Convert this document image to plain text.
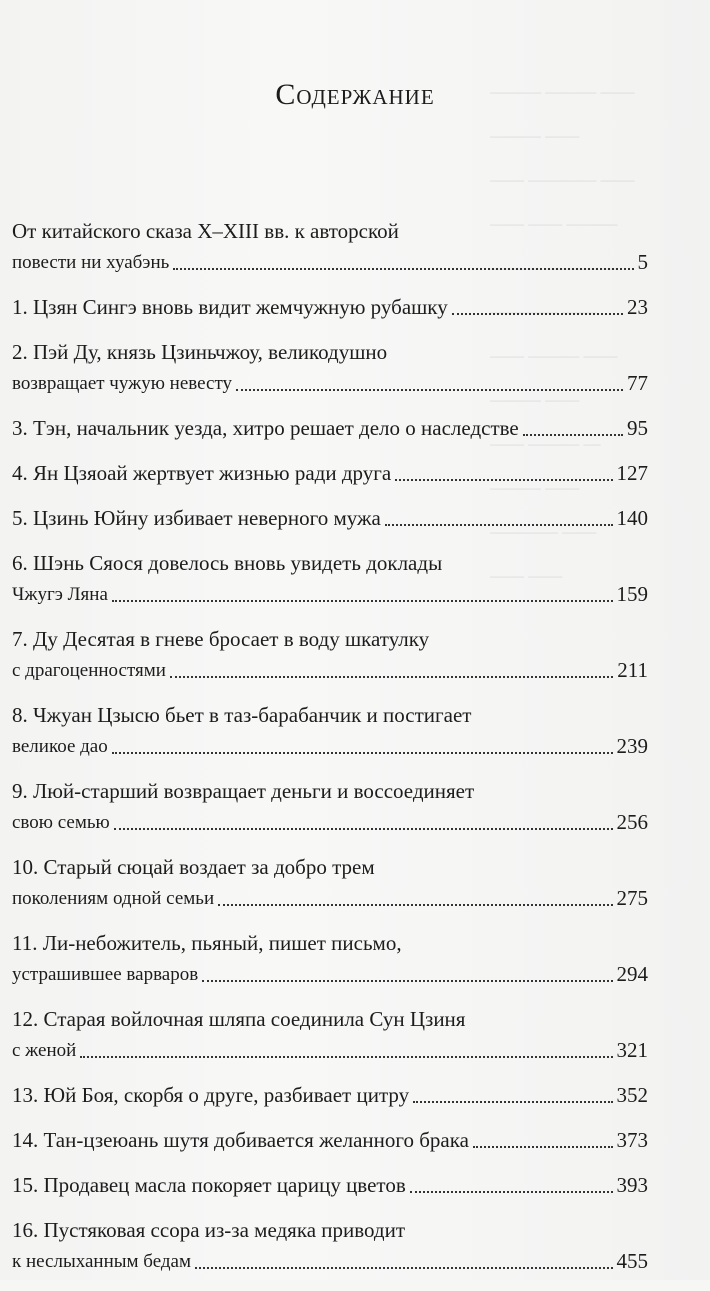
——— ——— ——
——— ——
—— ———— ——
—— —— ———
——— ——— —
———— ——
—— ——— ——
——— ——
—— ——— —
——— ——
———— ——
—— ——
Содержание
От китайского сказа X–XIII вв. к авторской
повести ни хуабэнь	5
1. Цзян Сингэ вновь видит жемчужную рубашку	23
2. Пэй Ду, князь Цзиньчжоу, великодушно
возвращает чужую невесту	77
3. Тэн, начальник уезда, хитро решает дело о наследстве	95
4. Ян Цзяоай жертвует жизнью ради друга	127
5. Цзинь Юйну избивает неверного мужа	140
6. Шэнь Сяося довелось вновь увидеть доклады
Чжугэ Ляна	159
7. Ду Десятая в гневе бросает в воду шкатулку
с драгоценностями	211
8. Чжуан Цзысю бьет в таз-барабанчик и постигает
великое дао	239
9. Люй-старший возвращает деньги и воссоединяет
свою семью	256
10. Старый сюцай воздает за добро трем
поколениям одной семьи	275
11. Ли-небожитель, пьяный, пишет письмо,
устрашившее варваров	294
12. Старая войлочная шляпа соединила Сун Цзиня
с женой	321
13. Юй Боя, скорбя о друге, разбивает цитру	352
14. Тан-цзеюань шутя добивается желанного брака	373
15. Продавец масла покоряет царицу цветов	393
16. Пустяковая ссора из-за медяка приводит
к неслыханным бедам	455
